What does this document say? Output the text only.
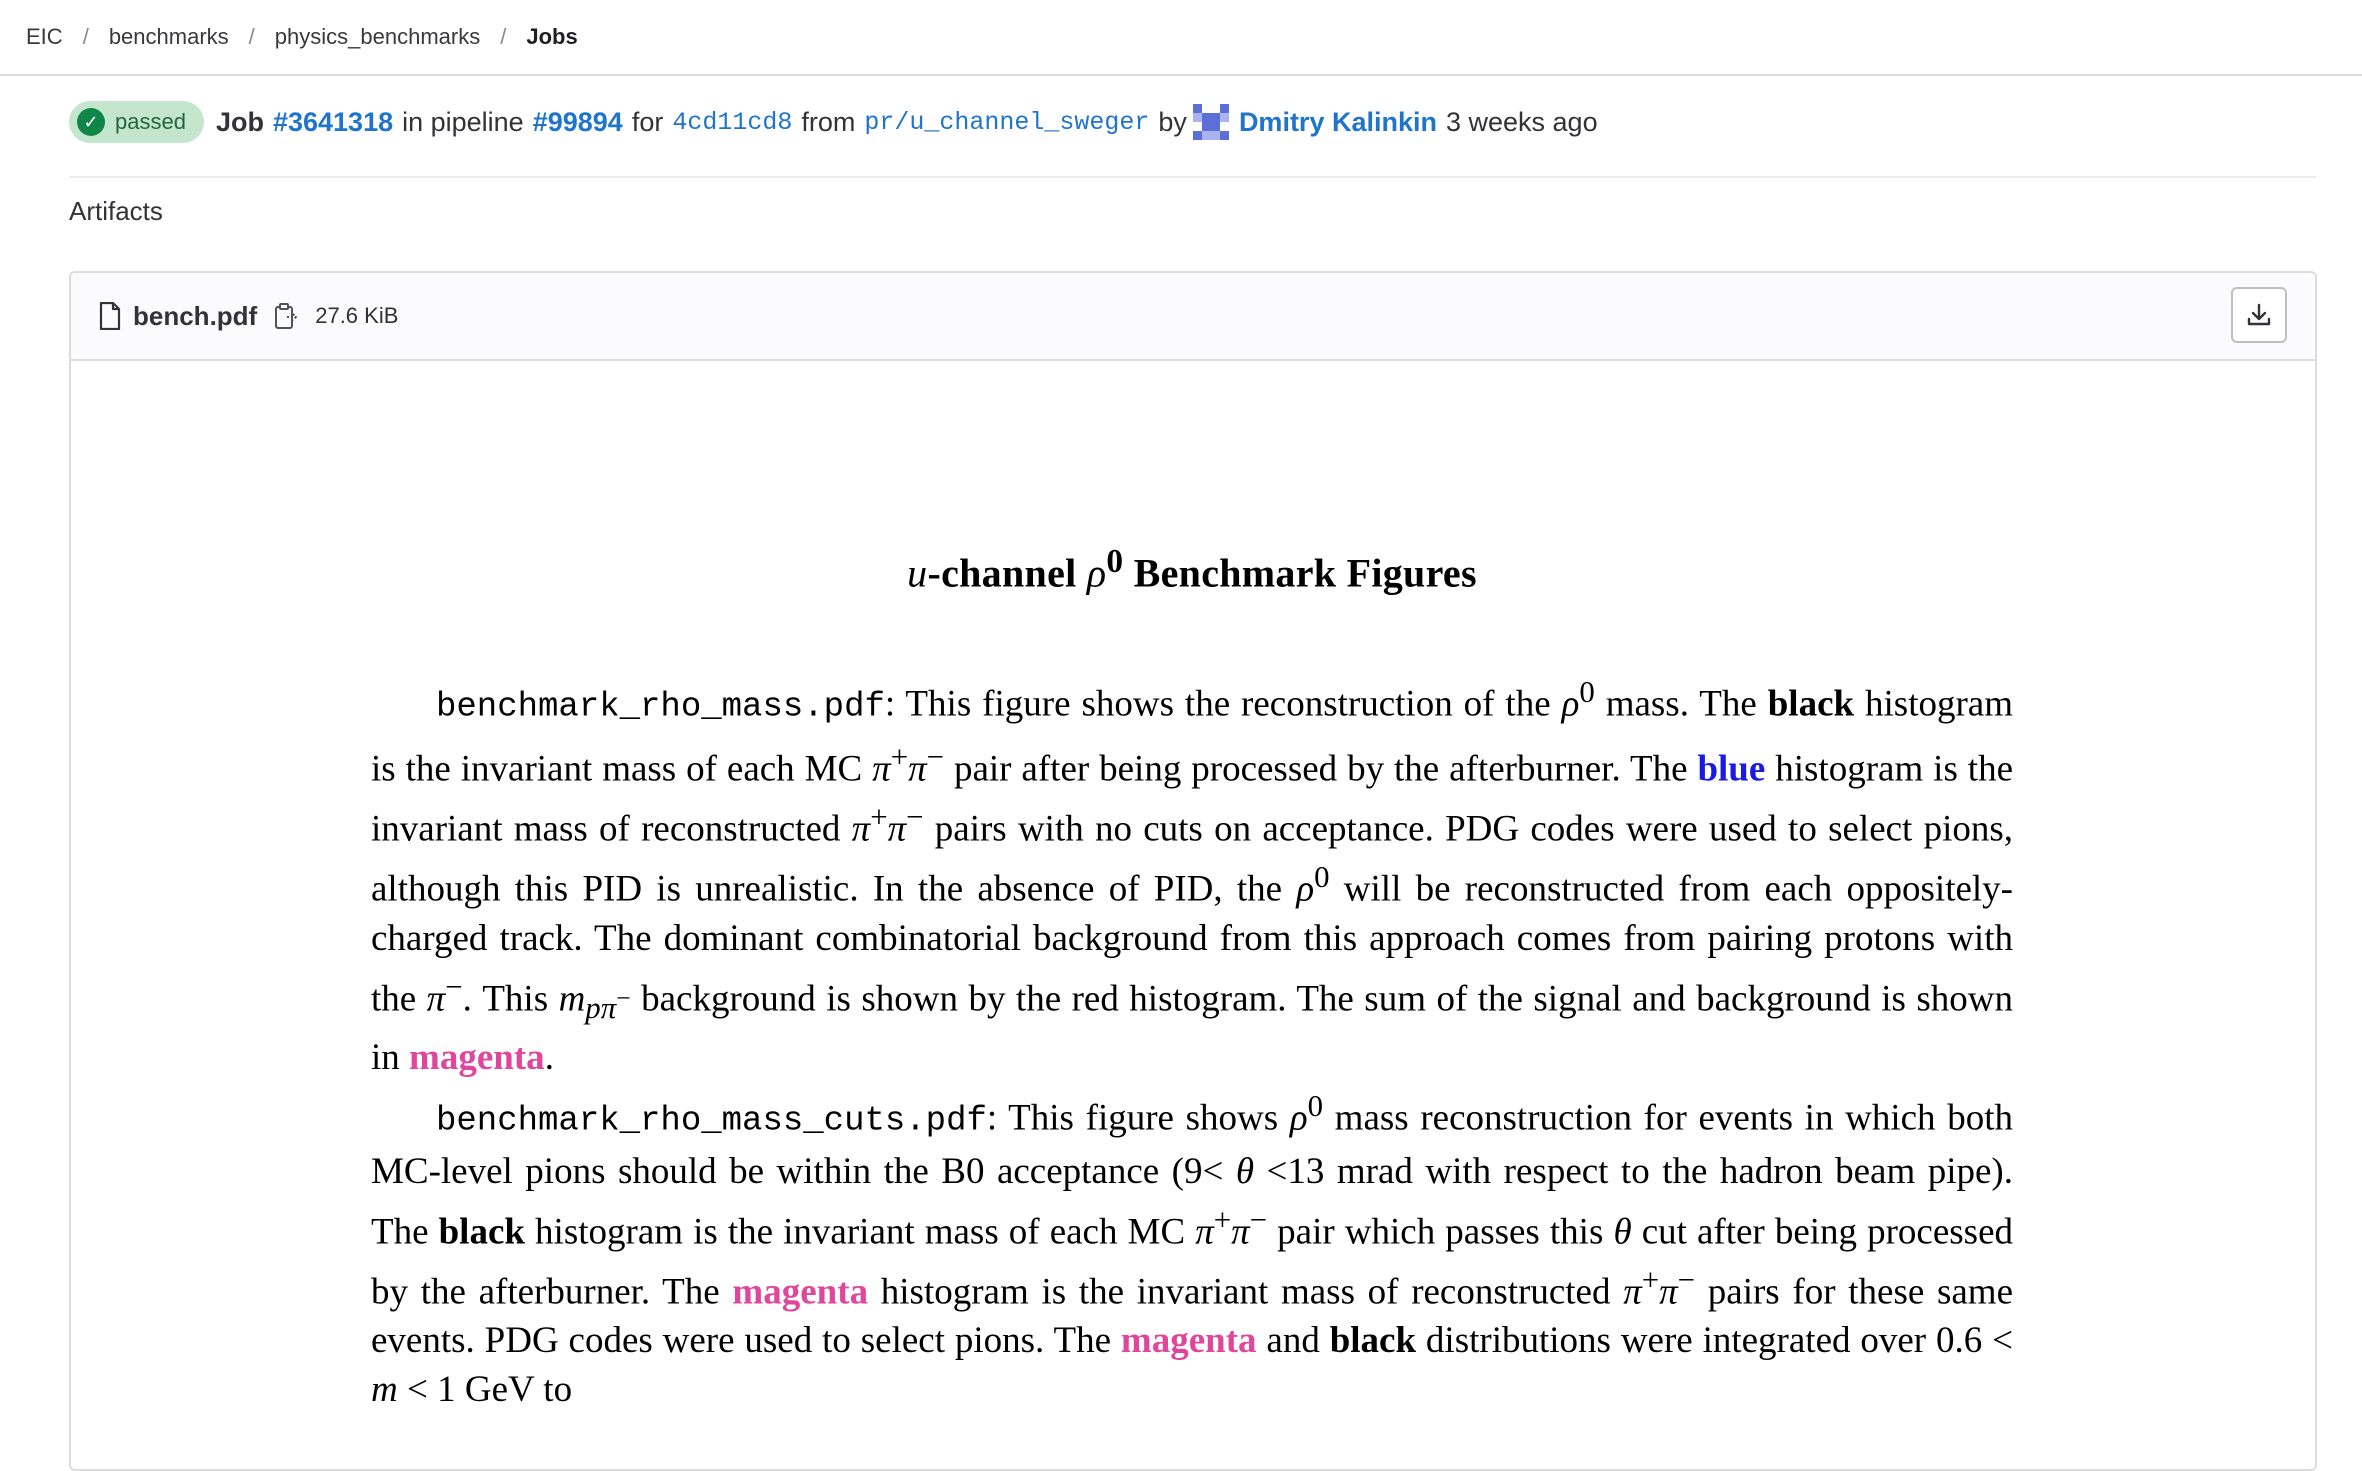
EIC / benchmarks / physics_benchmarks / Jobs
✓ passed Job #3641318 in pipeline #99894 for 4cd11cd8 from pr/u_channel_sweger by Dmitry Kalinkin 3 weeks ago
Artifacts
bench.pdf	27.6 KiB
u-channel $\rho^0$ Benchmark Figures

benchmark_rho_mass.pdf: This figure shows the reconstruction of the $\rho^0$ mass. The black histogram is the invariant mass of each MC π+π− pair after being processed by the afterburner. The blue histogram is the invariant mass of reconstructed π+π− pairs with no cuts on acceptance. PDG codes were used to select pions, although this PID is unrealistic. In the absence of PID, the $\rho^0$ will be reconstructed from each oppositely-charged track. The dominant combinatorial background from this approach comes from pairing protons with the π−. This $m_{p\pi^-}$ background is shown by the red histogram. The sum of the signal and background is shown in magenta.

benchmark_rho_mass_cuts.pdf: This figure shows $\rho^0$ mass reconstruction for events in which both MC-level pions should be within the B0 acceptance (9< θ <13 mrad with respect to the hadron beam pipe). The black histogram is the invariant mass of each MC π+π− pair which passes this θ cut after being processed by the afterburner. The magenta histogram is the invariant mass of reconstructed π+π− pairs for these same events. PDG codes were used to select pions. The magenta and black distributions were integrated over 0.6 < m < 1 GeV to
